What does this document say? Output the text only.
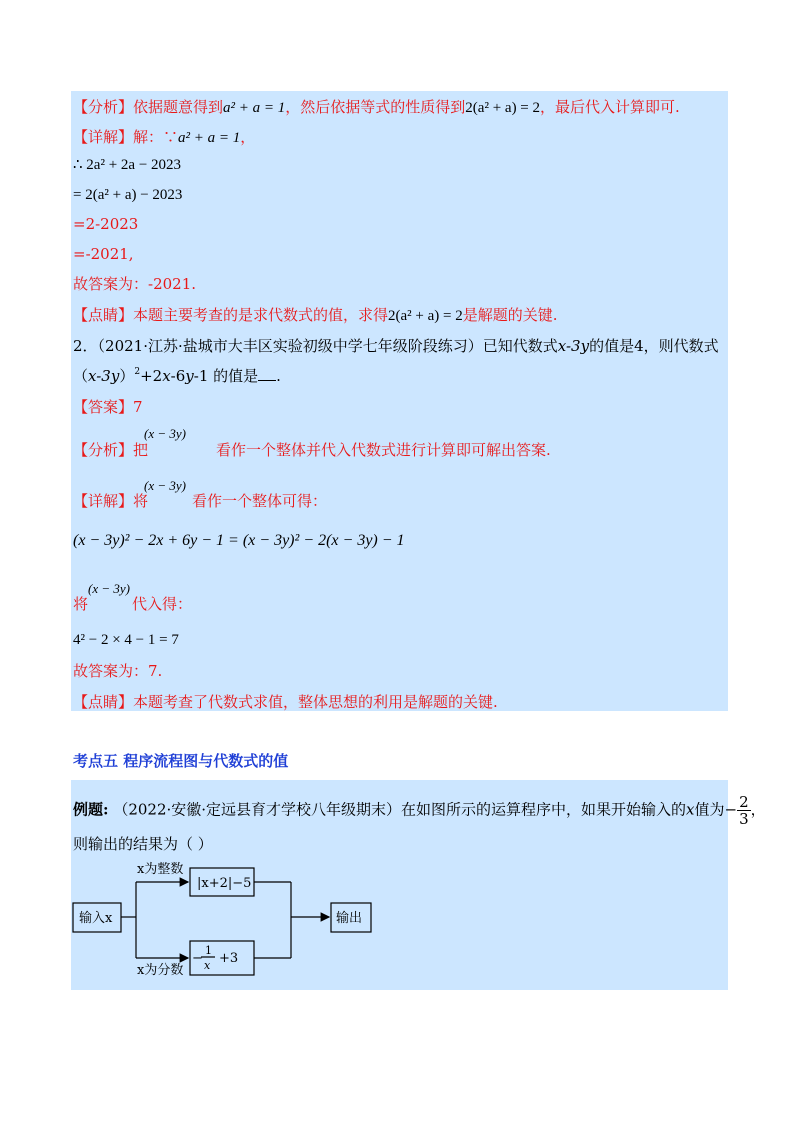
【分析】依据题意得到a² + a = 1，然后依据等式的性质得到2(a² + a) = 2，最后代入计算即可.
【详解】解：∵a² + a = 1，
∴ 2a² + 2a − 2023
= 2(a² + a) − 2023
=2-2023
=-2021,
故答案为：-2021.
【点睛】本题主要考查的是求代数式的值，求得2(a² + a) = 2是解题的关键.
2．（2021·江苏·盐城市大丰区实验初级中学七年级阶段练习）已知代数式x-3y的值是4，则代数式
$(x-3y)^2+2x-6y-1$ 的值是 .
【答案】7
(x − 3y)
【分析】把	看作一个整体并代入代数式进行计算即可解出答案.
(x − 3y)
【详解】将	看作一个整体可得：
(x − 3y)² − 2x + 6y − 1 = (x − 3y)² − 2(x − 3y) − 1
(x − 3y)
将	代入得：
4² − 2 × 4 − 1 = 7
故答案为：7.
【点睛】本题考查了代数式求值，整体思想的利用是解题的关键.
考点五 程序流程图与代数式的值
例题: （2022·安徽·定远县育才学校八年级期末）在如图所示的运算程序中，如果开始输入的x值为− $\frac{2}{3}$ ，
则输出的结果为（ ）
输入x	输出
x为整数
x为分数
|x+2|−5
−
1
x +3
